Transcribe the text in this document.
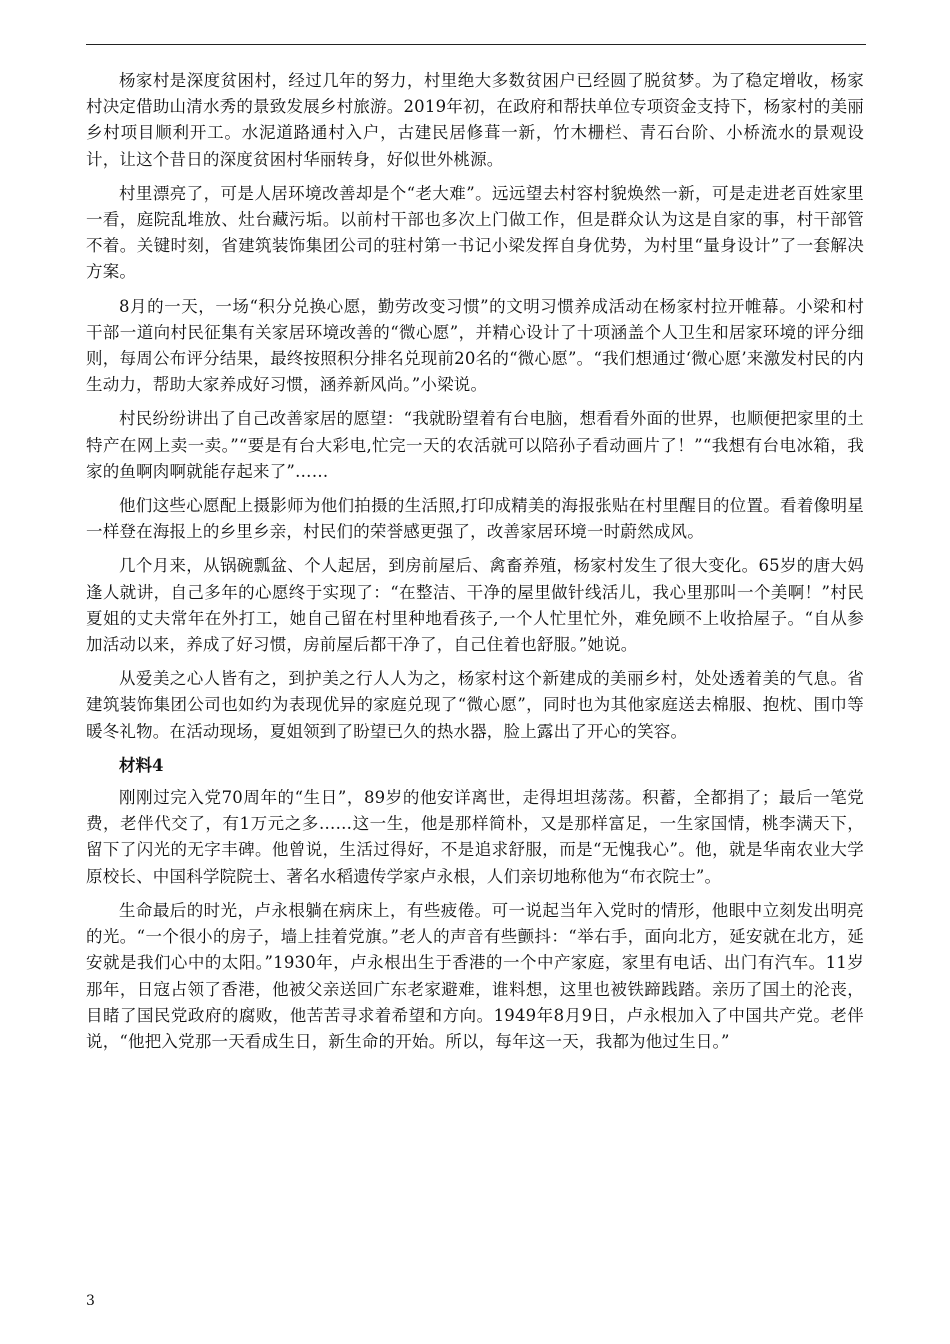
杨家村是深度贫困村，经过几年的努力，村里绝大多数贫困户已经圆了脱贫梦。为了稳定增收，杨家村决定借助山清水秀的景致发展乡村旅游。2019年初，在政府和帮扶单位专项资金支持下，杨家村的美丽乡村项目顺利开工。水泥道路通村入户，古建民居修葺一新，竹木栅栏、青石台阶、小桥流水的景观设计，让这个昔日的深度贫困村华丽转身，好似世外桃源。

村里漂亮了，可是人居环境改善却是个“老大难”。远远望去村容村貌焕然一新，可是走进老百姓家里一看，庭院乱堆放、灶台藏污垢。以前村干部也多次上门做工作，但是群众认为这是自家的事，村干部管不着。关键时刻，省建筑装饰集团公司的驻村第一书记小梁发挥自身优势，为村里“量身设计”了一套解决方案。

8月的一天，一场“积分兑换心愿，勤劳改变习惯”的文明习惯养成活动在杨家村拉开帷幕。小梁和村干部一道向村民征集有关家居环境改善的“微心愿”，并精心设计了十项涵盖个人卫生和居家环境的评分细则，每周公布评分结果，最终按照积分排名兑现前20名的“微心愿”。“我们想通过‘微心愿’来激发村民的内生动力，帮助大家养成好习惯，涵养新风尚。”小梁说。

村民纷纷讲出了自己改善家居的愿望：“我就盼望着有台电脑，想看看外面的世界，也顺便把家里的土特产在网上卖一卖。”“要是有台大彩电,忙完一天的农活就可以陪孙子看动画片了！”“我想有台电冰箱，我家的鱼啊肉啊就能存起来了”……

他们这些心愿配上摄影师为他们拍摄的生活照,打印成精美的海报张贴在村里醒目的位置。看着像明星一样登在海报上的乡里乡亲，村民们的荣誉感更强了，改善家居环境一时蔚然成风。

几个月来，从锅碗瓢盆、个人起居，到房前屋后、禽畜养殖，杨家村发生了很大变化。65岁的唐大妈逢人就讲，自己多年的心愿终于实现了：“在整洁、干净的屋里做针线活儿，我心里那叫一个美啊！”村民夏姐的丈夫常年在外打工，她自己留在村里种地看孩子,一个人忙里忙外，难免顾不上收拾屋子。“自从参加活动以来，养成了好习惯，房前屋后都干净了，自己住着也舒服。”她说。

从爱美之心人皆有之，到护美之行人人为之，杨家村这个新建成的美丽乡村，处处透着美的气息。省建筑装饰集团公司也如约为表现优异的家庭兑现了“微心愿”，同时也为其他家庭送去棉服、抱枕、围巾等暖冬礼物。在活动现场，夏姐领到了盼望已久的热水器，脸上露出了开心的笑容。

材料4

刚刚过完入党70周年的“生日”，89岁的他安详离世，走得坦坦荡荡。积蓄，全都捐了；最后一笔党费，老伴代交了，有1万元之多……这一生，他是那样简朴，又是那样富足，一生家国情，桃李满天下，留下了闪光的无字丰碑。他曾说，生活过得好，不是追求舒服，而是“无愧我心”。他，就是华南农业大学原校长、中国科学院院士、著名水稻遗传学家卢永根，人们亲切地称他为“布衣院士”。

生命最后的时光，卢永根躺在病床上，有些疲倦。可一说起当年入党时的情形，他眼中立刻发出明亮的光。“一个很小的房子，墙上挂着党旗。”老人的声音有些颤抖：“举右手，面向北方，延安就在北方，延安就是我们心中的太阳。”1930年，卢永根出生于香港的一个中产家庭，家里有电话、出门有汽车。11岁那年，日寇占领了香港，他被父亲送回广东老家避难，谁料想，这里也被铁蹄践踏。亲历了国土的沦丧，目睹了国民党政府的腐败，他苦苦寻求着希望和方向。1949年8月9日，卢永根加入了中国共产党。老伴说，“他把入党那一天看成生日，新生命的开始。所以，每年这一天，我都为他过生日。”

3
